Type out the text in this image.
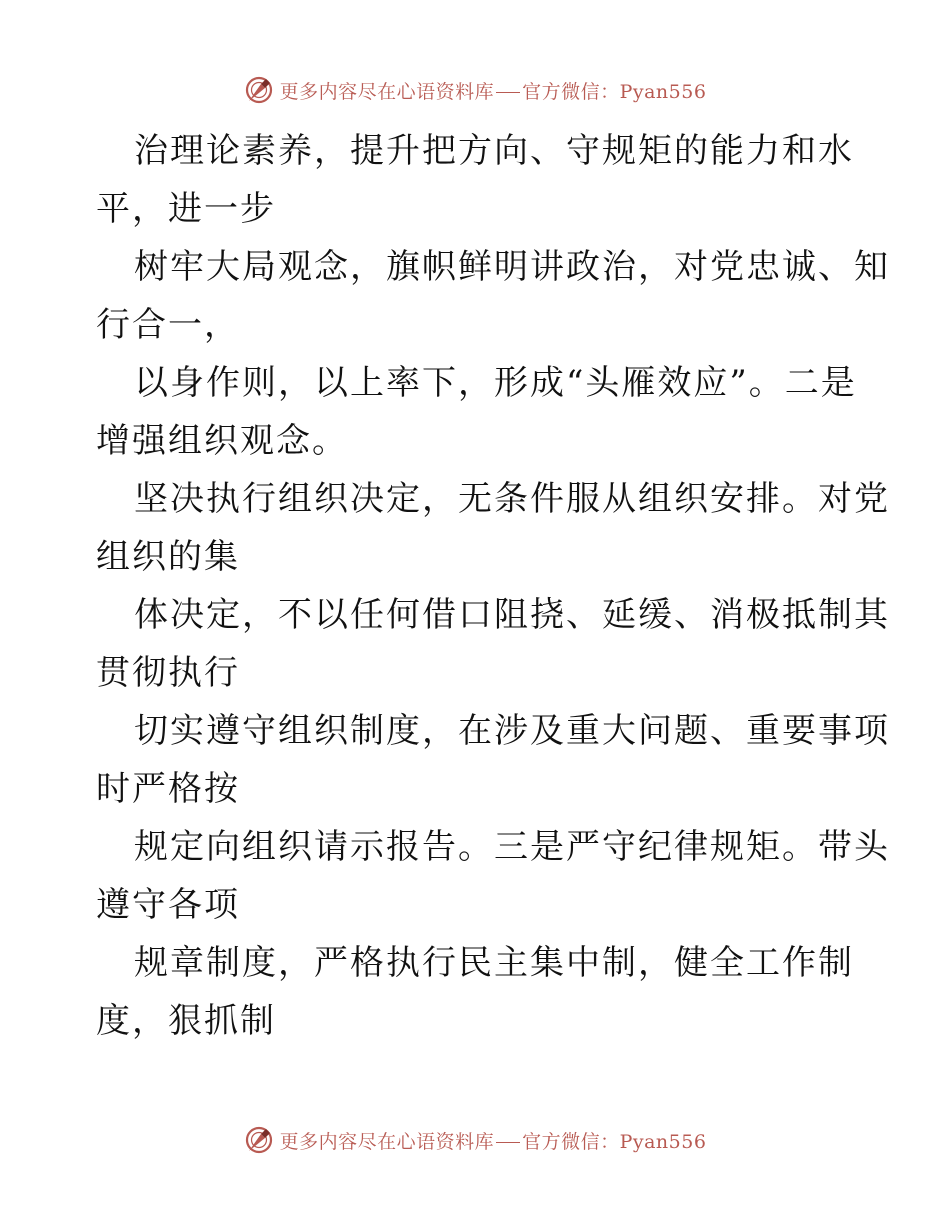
更多内容尽在心语资料库 官方微信：Pyan556

治理论素养，提升把方向、守规矩的能力和水

平，进一步

树牢大局观念，旗帜鲜明讲政治，对党忠诚、知

行合一，

以身作则，以上率下，形成“头雁效应”。二是

增强组织观念。

坚决执行组织决定，无条件服从组织安排。对党

组织的集

体决定，不以任何借口阻挠、延缓、消极抵制其

贯彻执行

切实遵守组织制度，在涉及重大问题、重要事项

时严格按

规定向组织请示报告。三是严守纪律规矩。带头

遵守各项

规章制度，严格执行民主集中制，健全工作制

度，狠抓制

更多内容尽在心语资料库 官方微信：Pyan556
